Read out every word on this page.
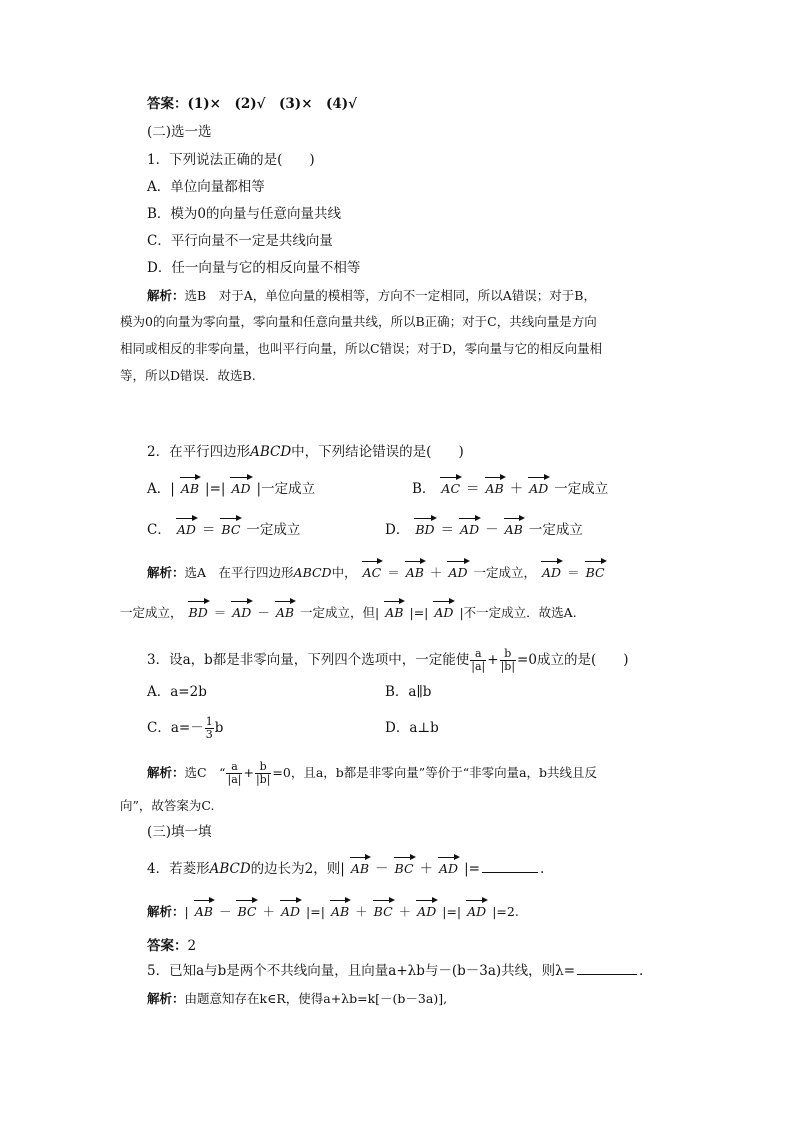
答案：(1)×　(2)√　(3)×　(4)√
(二)选一选
1．下列说法正确的是(　　)
A．单位向量都相等
B．模为0的向量与任意向量共线
C．平行向量不一定是共线向量
D．任一向量与它的相反向量不相等
解析：选B　对于A，单位向量的模相等，方向不一定相同，所以A错误；对于B，
模为0的向量为零向量，零向量和任意向量共线，所以B正确；对于C，共线向量是方向
相同或相反的非零向量，也叫平行向量，所以C错误；对于D，零向量与它的相反向量相
等，所以D错误．故选B.
2．在平行四边形ABCD中，下列结论错误的是(　　)
A．| AB |=| AD |一定成立	B． AC ＝ AB ＋ AD 一定成立
C． AD ＝ BC 一定成立	D． BD ＝ AD － AB 一定成立
解析：选A　在平行四边形ABCD中， AC ＝ AB ＋ AD 一定成立， AD ＝ BC
一定成立， BD ＝ AD － AB 一定成立，但| AB |=| AD |不一定成立．故选A.
3．设a，b都是非零向量，下列四个选项中，一定能使 $\frac{a}{|a|} + \frac{b}{|b|} =0$成立的是(　　)
A．a=2b	B．a∥b
C．$a=- \frac{1}{3}$ b	D．a⊥b
解析：选C　“ $\frac{a}{|a|} + \frac{b}{|b|} =0$，且a，b都是非零向量”等价于“非零向量a，b共线且反
向”，故答案为C.
(三)填一填
4．若菱形ABCD的边长为2，则| AB － BC ＋ AD |=	.
解析：| AB － BC ＋ AD |=| AB ＋ BC ＋ AD |=| AD |=2.
答案：2
5．已知a与b是两个不共线向量，且向量a+λb与－(b－3a)共线，则λ=	.
解析：由题意知存在k∈R，使得a+λb=k[－(b－3a)],
